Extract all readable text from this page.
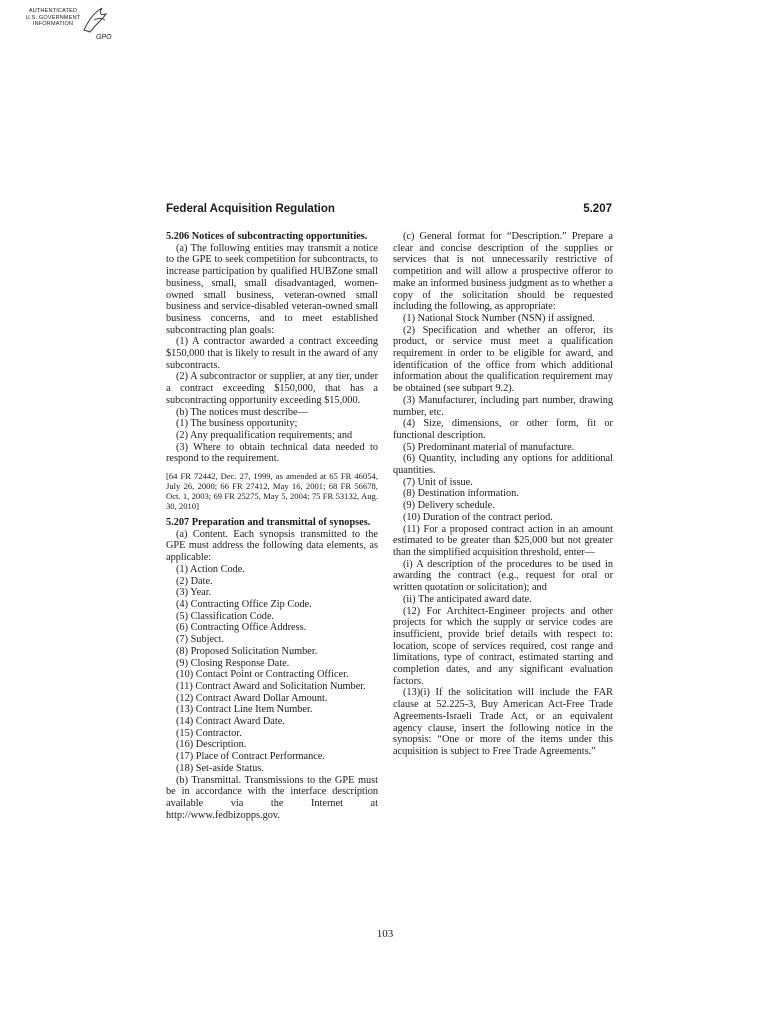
AUTHENTICATED
U.S. GOVERNMENT
INFORMATION
GPO
Federal Acquisition Regulation	5.207

5.206 Notices of subcontracting opportunities.

(a) The following entities may transmit a notice to the GPE to seek competition for subcontracts, to increase participation by qualified HUBZone small business, small, small disadvantaged, women-owned small business, veteran-owned small business and service-disabled veteran-owned small business concerns, and to meet established subcontracting plan goals:

(1) A contractor awarded a contract exceeding $150,000 that is likely to result in the award of any subcontracts.

(2) A subcontractor or supplier, at any tier, under a contract exceeding $150,000, that has a subcontracting opportunity exceeding $15,000.

(b) The notices must describe—

(1) The business opportunity;

(2) Any prequalification requirements; and

(3) Where to obtain technical data needed to respond to the requirement.

[64 FR 72442, Dec. 27, 1999, as amended at 65 FR 46054, July 26, 2000; 66 FR 27412, May 16, 2001; 68 FR 56678, Oct. 1, 2003; 69 FR 25275, May 5, 2004; 75 FR 53132, Aug. 30, 2010]

5.207 Preparation and transmittal of synopses.

(a) Content. Each synopsis transmitted to the GPE must address the following data elements, as applicable:

(1) Action Code.

(2) Date.

(3) Year.

(4) Contracting Office Zip Code.

(5) Classification Code.

(6) Contracting Office Address.

(7) Subject.

(8) Proposed Solicitation Number.

(9) Closing Response Date.

(10) Contact Point or Contracting Officer.

(11) Contract Award and Solicitation Number.

(12) Contract Award Dollar Amount.

(13) Contract Line Item Number.

(14) Contract Award Date.

(15) Contractor.

(16) Description.

(17) Place of Contract Performance.

(18) Set-aside Status.

(b) Transmittal. Transmissions to the GPE must be in accordance with the interface description available via the Internet at http://www.fedbizopps.gov.

(c) General format for “Description.” Prepare a clear and concise description of the supplies or services that is not unnecessarily restrictive of competition and will allow a prospective offeror to make an informed business judgment as to whether a copy of the solicitation should be requested including the following, as appropriate:

(1) National Stock Number (NSN) if assigned.

(2) Specification and whether an offeror, its product, or service must meet a qualification requirement in order to be eligible for award, and identification of the office from which additional information about the qualification requirement may be obtained (see subpart 9.2).

(3) Manufacturer, including part number, drawing number, etc.

(4) Size, dimensions, or other form, fit or functional description.

(5) Predominant material of manufacture.

(6) Quantity, including any options for additional quantities.

(7) Unit of issue.

(8) Destination information.

(9) Delivery schedule.

(10) Duration of the contract period.

(11) For a proposed contract action in an amount estimated to be greater than $25,000 but not greater than the simplified acquisition threshold, enter—

(i) A description of the procedures to be used in awarding the contract (e.g., request for oral or written quotation or solicitation); and

(ii) The anticipated award date.

(12) For Architect-Engineer projects and other projects for which the supply or service codes are insufficient, provide brief details with respect to: location, scope of services required, cost range and limitations, type of contract, estimated starting and completion dates, and any significant evaluation factors.

(13)(i) If the solicitation will include the FAR clause at 52.225-3, Buy American Act-Free Trade Agreements-Israeli Trade Act, or an equivalent agency clause, insert the following notice in the synopsis: “One or more of the items under this acquisition is subject to Free Trade Agreements.”

103
